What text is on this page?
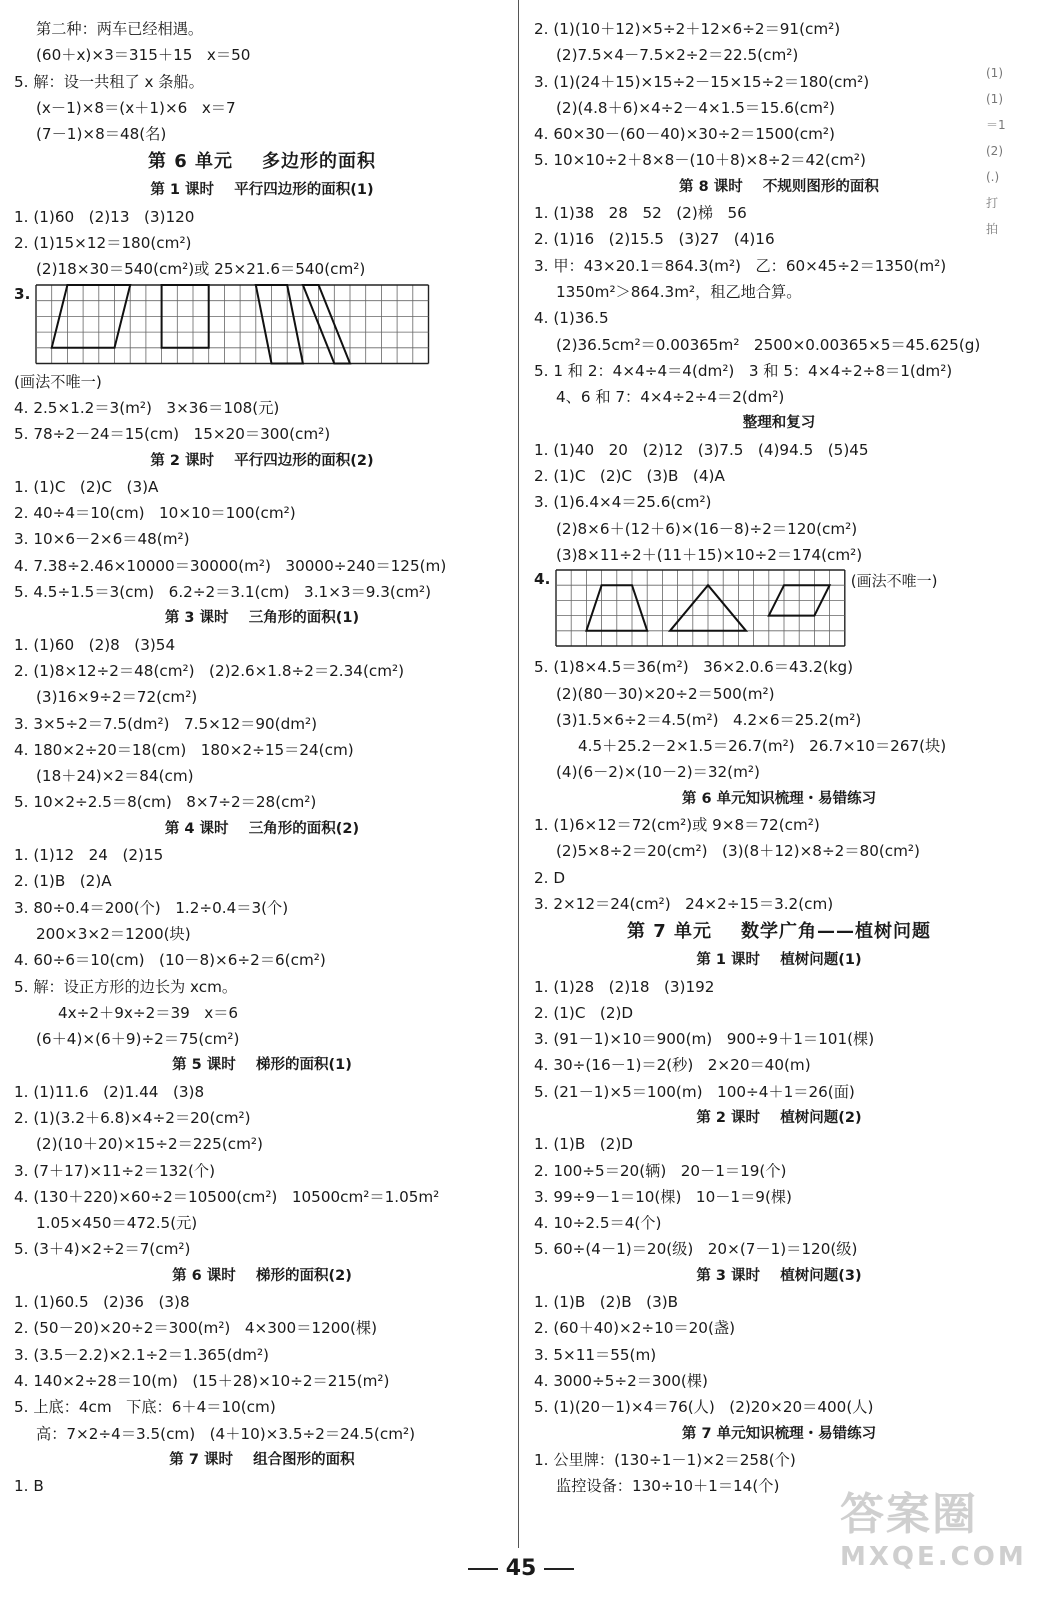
第二种：两车已经相遇。
(60＋x)×3＝315＋15   x＝50
5. 解：设一共租了 x 条船。
(x－1)×8＝(x＋1)×6   x＝7
(7－1)×8＝48(名)
第 6 单元    多边形的面积
第 1 课时    平行四边形的面积(1)
1. (1)60   (2)13   (3)120
2. (1)15×12＝180(cm²)
(2)18×30＝540(cm²)或 25×21.6＝540(cm²)
3.
(画法不唯一)
4. 2.5×1.2＝3(m²)   3×36＝108(元)
5. 78÷2－24＝15(cm)   15×20＝300(cm²)
第 2 课时    平行四边形的面积(2)
1. (1)C   (2)C   (3)A
2. 40÷4＝10(cm)   10×10＝100(cm²)
3. 10×6－2×6＝48(m²)
4. 7.38÷2.46×10000＝30000(m²)   30000÷240＝125(m)
5. 4.5÷1.5＝3(cm)   6.2÷2＝3.1(cm)   3.1×3＝9.3(cm²)
第 3 课时    三角形的面积(1)
1. (1)60   (2)8   (3)54
2. (1)8×12÷2＝48(cm²)   (2)2.6×1.8÷2＝2.34(cm²)
(3)16×9÷2＝72(cm²)
3. 3×5÷2＝7.5(dm²)   7.5×12＝90(dm²)
4. 180×2÷20＝18(cm)   180×2÷15＝24(cm)
(18＋24)×2＝84(cm)
5. 10×2÷2.5＝8(cm)   8×7÷2＝28(cm²)
第 4 课时    三角形的面积(2)
1. (1)12   24   (2)15
2. (1)B   (2)A
3. 80÷0.4＝200(个)   1.2÷0.4＝3(个)
200×3×2＝1200(块)
4. 60÷6＝10(cm)   (10－8)×6÷2＝6(cm²)
5. 解：设正方形的边长为 xcm。
4x÷2＋9x÷2＝39   x＝6
(6＋4)×(6＋9)÷2＝75(cm²)
第 5 课时    梯形的面积(1)
1. (1)11.6   (2)1.44   (3)8
2. (1)(3.2＋6.8)×4÷2＝20(cm²)
(2)(10＋20)×15÷2＝225(cm²)
3. (7＋17)×11÷2＝132(个)
4. (130＋220)×60÷2＝10500(cm²)   10500cm²＝1.05m²
1.05×450＝472.5(元)
5. (3＋4)×2÷2＝7(cm²)
第 6 课时    梯形的面积(2)
1. (1)60.5   (2)36   (3)8
2. (50－20)×20÷2＝300(m²)   4×300＝1200(棵)
3. (3.5－2.2)×2.1÷2＝1.365(dm²)
4. 140×2÷28＝10(m)   (15＋28)×10÷2＝215(m²)
5. 上底：4cm   下底：6＋4＝10(cm)
高：7×2÷4＝3.5(cm)   (4＋10)×3.5÷2＝24.5(cm²)
第 7 课时    组合图形的面积
1. B
2. (1)(10＋12)×5÷2＋12×6÷2＝91(cm²)
(2)7.5×4－7.5×2÷2＝22.5(cm²)
3. (1)(24＋15)×15÷2－15×15÷2＝180(cm²)
(2)(4.8＋6)×4÷2－4×1.5＝15.6(cm²)
4. 60×30－(60－40)×30÷2＝1500(cm²)
5. 10×10÷2＋8×8－(10＋8)×8÷2＝42(cm²)
第 8 课时    不规则图形的面积
1. (1)38   28   52   (2)梯   56
2. (1)16   (2)15.5   (3)27   (4)16
3. 甲：43×20.1＝864.3(m²)   乙：60×45÷2＝1350(m²)
1350m²＞864.3m²，租乙地合算。
4. (1)36.5
(2)36.5cm²＝0.00365m²   2500×0.00365×5＝45.625(g)
5. 1 和 2：4×4÷4＝4(dm²)   3 和 5：4×4÷2÷8＝1(dm²)
4、6 和 7：4×4÷2÷4＝2(dm²)
整理和复习
1. (1)40   20   (2)12   (3)7.5   (4)94.5   (5)45
2. (1)C   (2)C   (3)B   (4)A
3. (1)6.4×4＝25.6(cm²)
(2)8×6＋(12＋6)×(16－8)÷2＝120(cm²)
(3)8×11÷2＋(11＋15)×10÷2＝174(cm²)
4.	(画法不唯一)
5. (1)8×4.5＝36(m²)   36×2.0.6＝43.2(kg)
(2)(80－30)×20÷2＝500(m²)
(3)1.5×6÷2＝4.5(m²)   4.2×6＝25.2(m²)
4.5＋25.2－2×1.5＝26.7(m²)   26.7×10＝267(块)
(4)(6－2)×(10－2)＝32(m²)
第 6 单元知识梳理・易错练习
1. (1)6×12＝72(cm²)或 9×8＝72(cm²)
(2)5×8÷2＝20(cm²)   (3)(8＋12)×8÷2＝80(cm²)
2. D
3. 2×12＝24(cm²)   24×2÷15＝3.2(cm)
第 7 单元    数学广角——植树问题
第 1 课时    植树问题(1)
1. (1)28   (2)18   (3)192
2. (1)C   (2)D
3. (91－1)×10＝900(m)   900÷9＋1＝101(棵)
4. 30÷(16－1)＝2(秒)   2×20＝40(m)
5. (21－1)×5＝100(m)   100÷4＋1＝26(面)
第 2 课时    植树问题(2)
1. (1)B   (2)D
2. 100÷5＝20(辆)   20－1＝19(个)
3. 99÷9－1＝10(棵)   10－1＝9(棵)
4. 10÷2.5＝4(个)
5. 60÷(4－1)＝20(级)   20×(7－1)＝120(级)
第 3 课时    植树问题(3)
1. (1)B   (2)B   (3)B
2. (60＋40)×2÷10＝20(盏)
3. 5×11＝55(m)
4. 3000÷5÷2＝300(棵)
5. (1)(20－1)×4＝76(人)   (2)20×20＝400(人)
第 7 单元知识梳理・易错练习
1. 公里牌：(130÷1－1)×2＝258(个)
监控设备：130÷10＋1＝14(个)
(1)
(1)
＝1
(2)
(.)
打
拍
45
答案圈
MXQE.COM
